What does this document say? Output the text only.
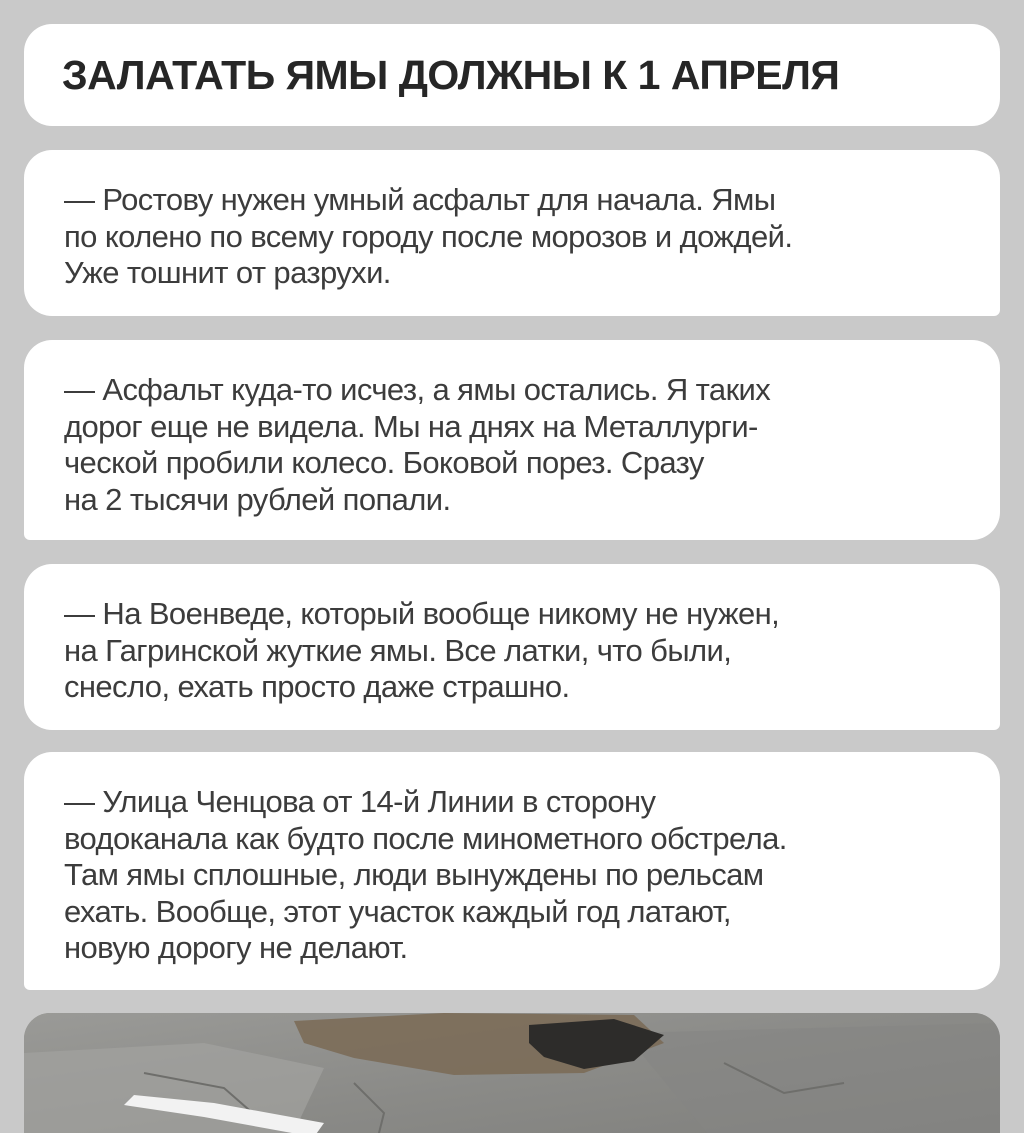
ЗАЛАТАТЬ ЯМЫ ДОЛЖНЫ К 1 АПРЕЛЯ

— Ростову нужен умный асфальт для начала. Ямы
по колено по всему городу после морозов и дождей.
Уже тошнит от разрухи.

— Асфальт куда-то исчез, а ямы остались. Я таких
дорог еще не видела. Мы на днях на Металлурги-
ческой пробили колесо. Боковой порез. Сразу
на 2 тысячи рублей попали.

— На Военведе, который вообще никому не нужен,
на Гагринской жуткие ямы. Все латки, что были,
снесло, ехать просто даже страшно.

— Улица Ченцова от 14-й Линии в сторону
водоканала как будто после минометного обстрела.
Там ямы сплошные, люди вынуждены по рельсам
ехать. Вообще, этот участок каждый год латают,
новую дорогу не делают.
